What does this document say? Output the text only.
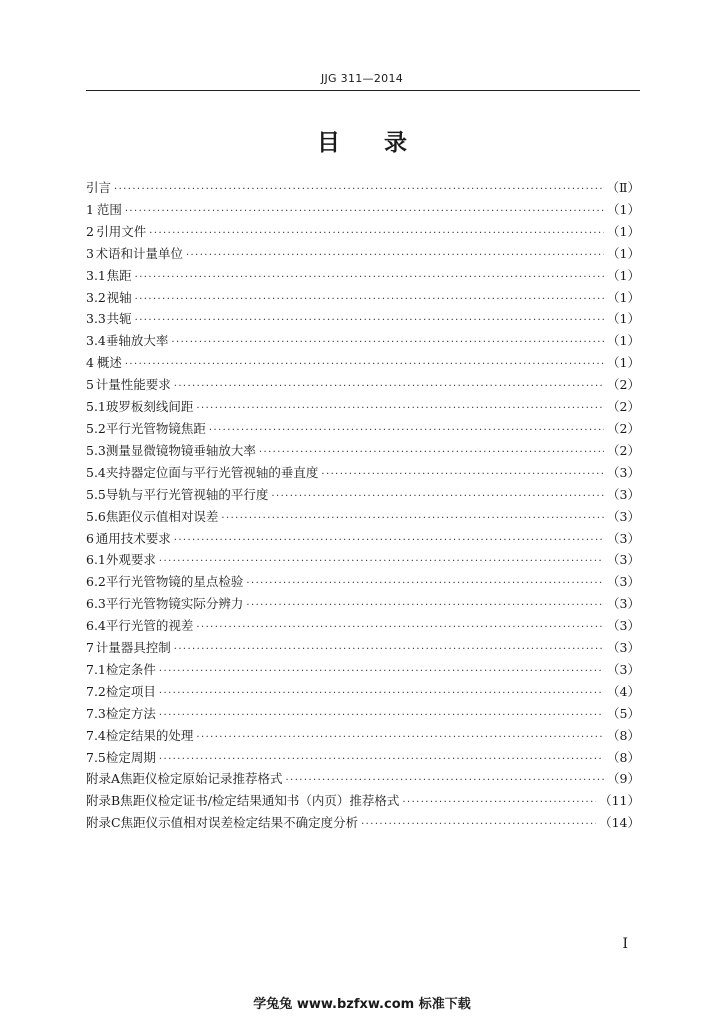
JJG 311—2014
目录
引言 ·····	（Ⅱ）
1 范围 ·····	（1）
2 引用文件 ·····	（1）
3 术语和计量单位 ·····	（1）
3.1 焦距 ·····	（1）
3.2 视轴 ·····	（1）
3.3 共轭 ·····	（1）
3.4 垂轴放大率 ·····	（1）
4 概述 ·····	（1）
5 计量性能要求 ·····	（2）
5.1 玻罗板刻线间距 ·····	（2）
5.2 平行光管物镜焦距 ·····	（2）
5.3 测量显微镜物镜垂轴放大率 ·····	（2）
5.4 夹持器定位面与平行光管视轴的垂直度 ·····	（3）
5.5 导轨与平行光管视轴的平行度 ·····	（3）
5.6 焦距仪示值相对误差 ·····	（3）
6 通用技术要求 ·····	（3）
6.1 外观要求 ·····	（3）
6.2 平行光管物镜的星点检验 ·····	（3）
6.3 平行光管物镜实际分辨力 ·····	（3）
6.4 平行光管的视差 ·····	（3）
7 计量器具控制 ·····	（3）
7.1 检定条件 ·····	（3）
7.2 检定项目 ·····	（4）
7.3 检定方法 ·····	（5）
7.4 检定结果的处理 ·····	（8）
7.5 检定周期 ·····	（8）
附录A 焦距仪检定原始记录推荐格式 ·····	（9）
附录B 焦距仪检定证书/检定结果通知书（内页）推荐格式 ·····	（11）
附录C 焦距仪示值相对误差检定结果不确定度分析 ·····	（14）
I
学兔兔 www.bzfxw.com 标准下载
